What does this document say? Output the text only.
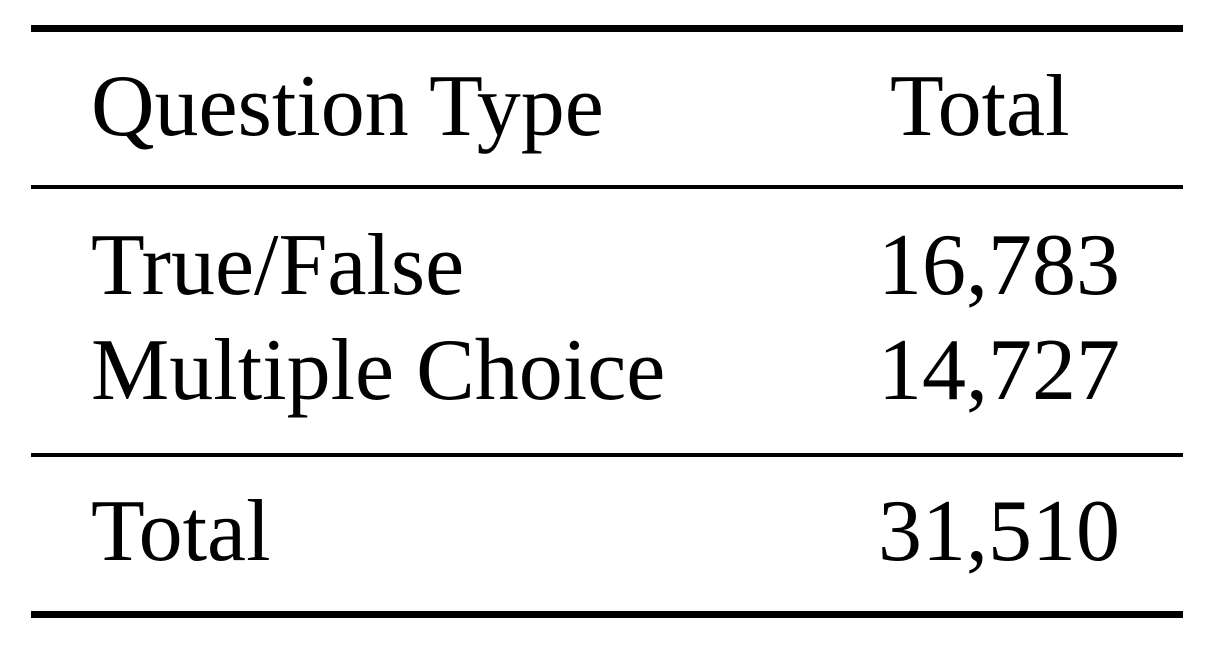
Question Type	Total
True/False	16,783
Multiple Choice 14,727
Total	31,510
